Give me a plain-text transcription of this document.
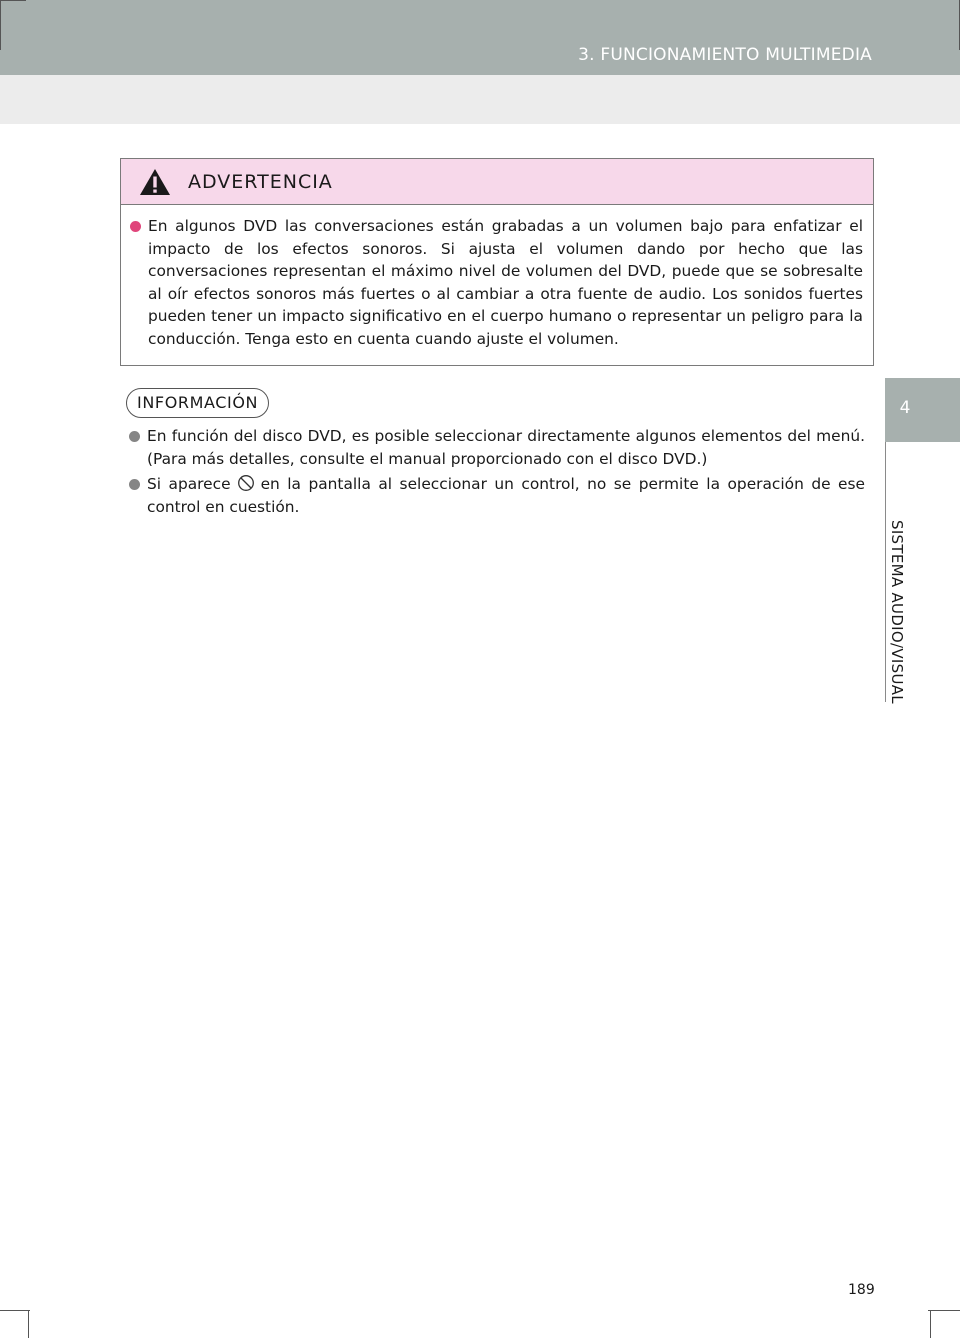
3. FUNCIONAMIENTO MULTIMEDIA
4
SISTEMA AUDIO/VISUAL
ADVERTENCIA

En algunos DVD las conversaciones están grabadas a un volumen bajo para enfatizar el impacto de los efectos sonoros. Si ajusta el volumen dando por hecho que las conversaciones representan el máximo nivel de volumen del DVD, puede que se sobresalte al oír efectos sonoros más fuertes o al cambiar a otra fuente de audio. Los sonidos fuertes pueden tener un impacto significativo en el cuerpo humano o representar un peligro para la conducción. Tenga esto en cuenta cuando ajuste el volumen.

INFORMACIÓN

En función del disco DVD, es posible seleccionar directamente algunos elementos del menú. (Para más detalles, consulte el manual proporcionado con el disco DVD.)

Si aparece en la pantalla al seleccionar un control, no se permite la operación de ese control en cuestión.

189
